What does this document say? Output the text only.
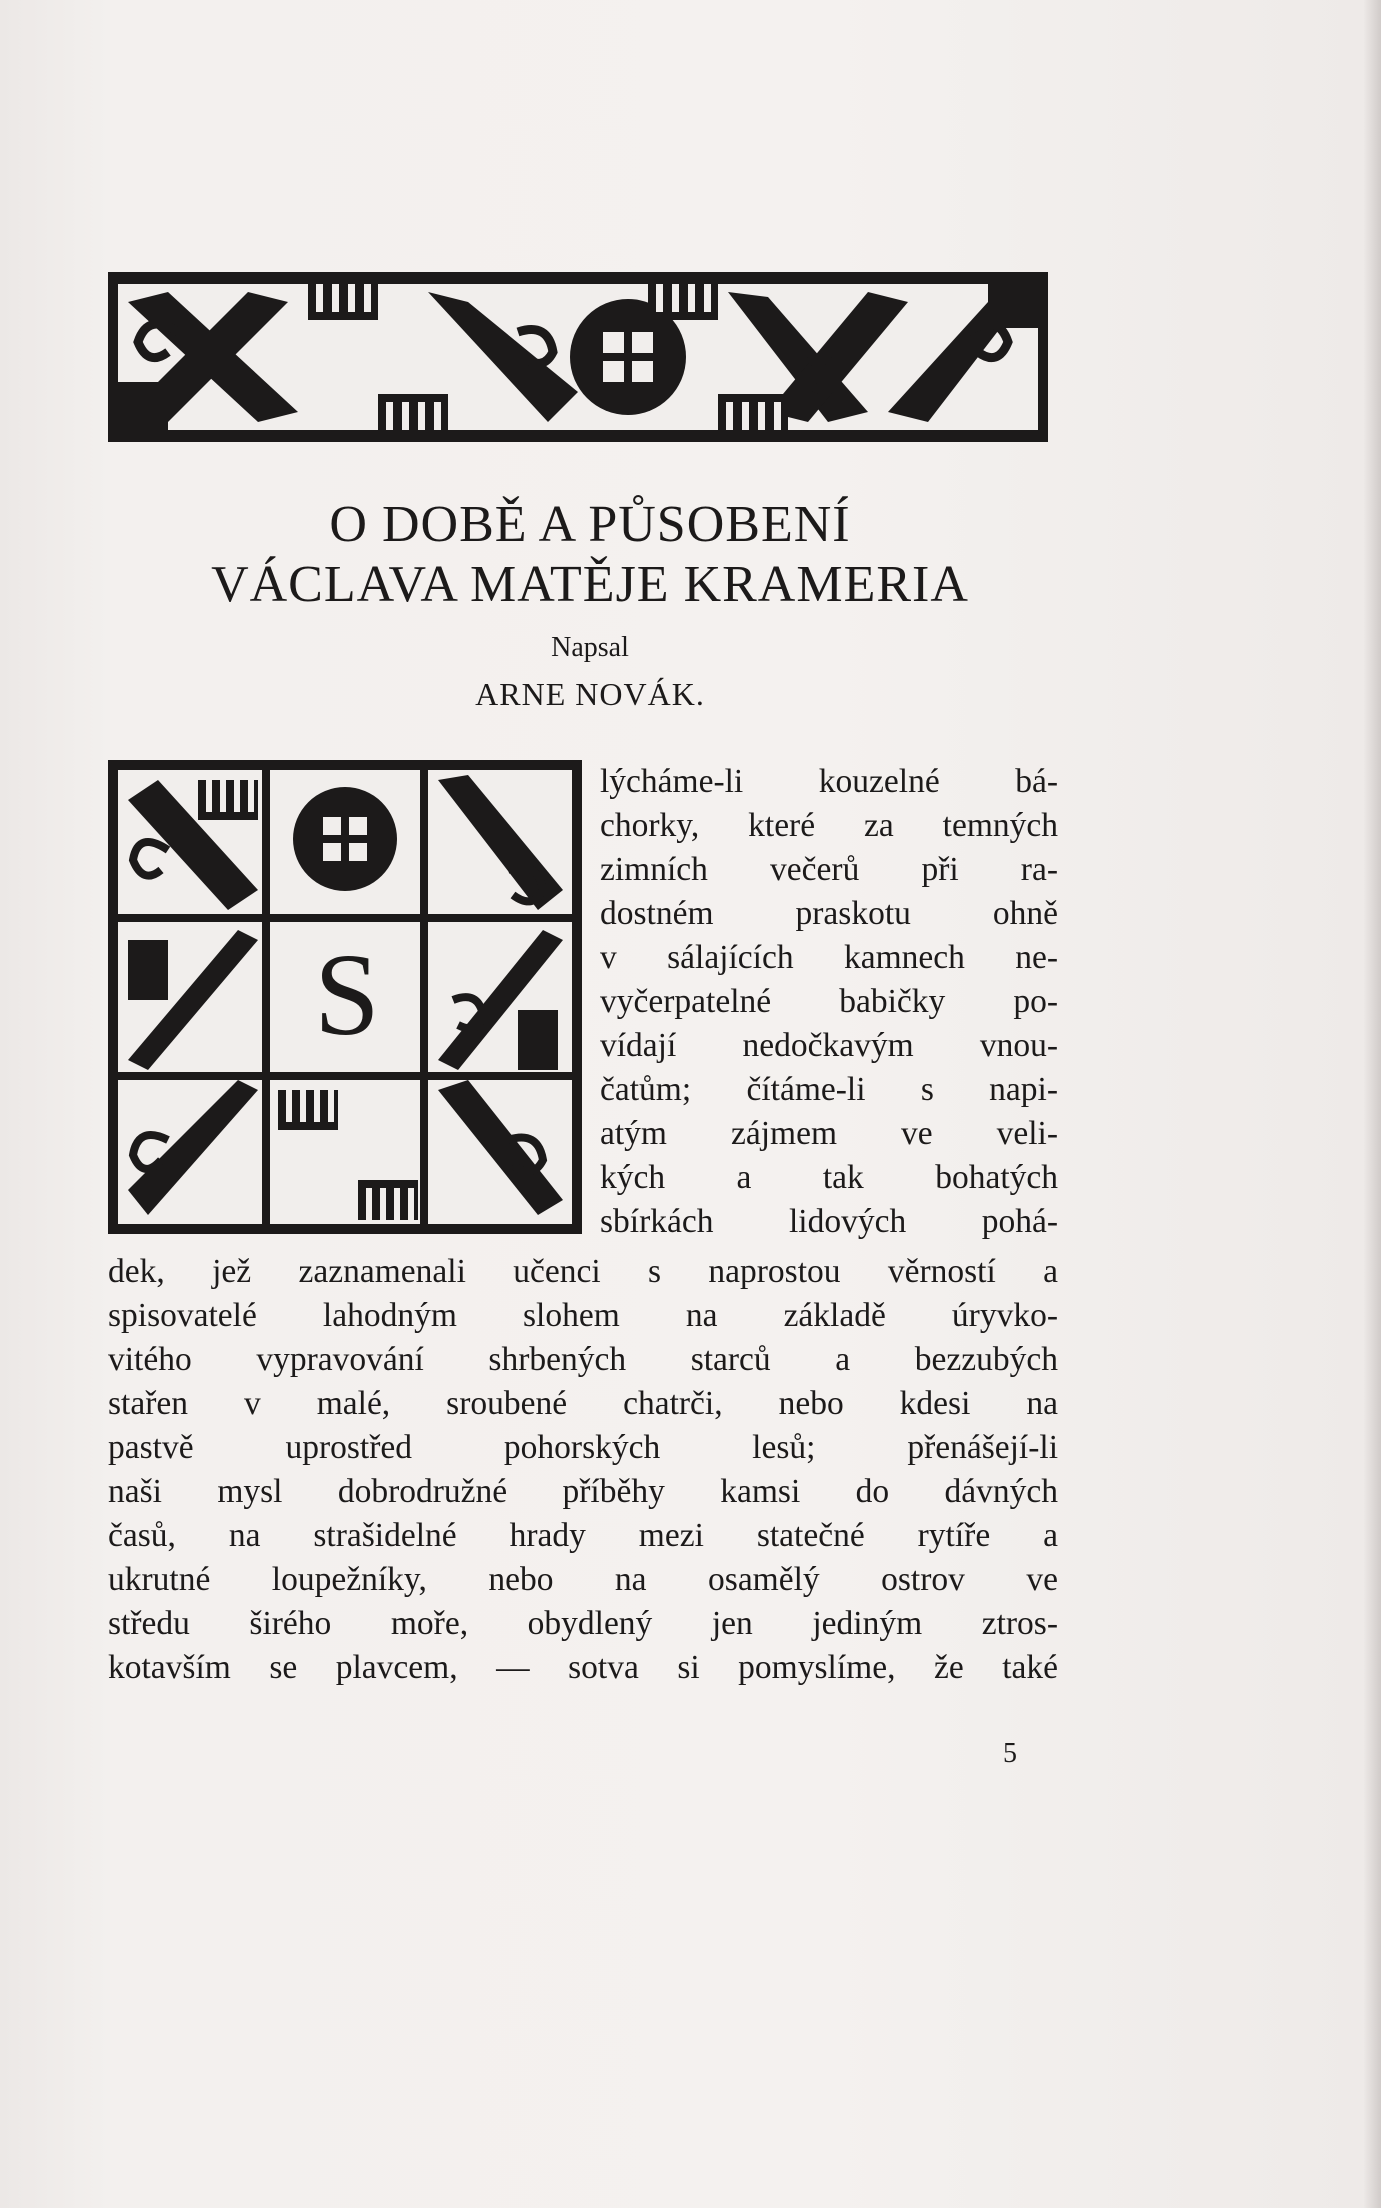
O DOBĚ A PŮSOBENÍ
VÁCLAVA MATĚJE KRAMERIA

Napsal

ARNE NOVÁK.

S
lýcháme-li kouzelné bá-
chorky, které za temných
zimních večerů při ra-
dostném praskotu ohně
v sálajících kamnech ne-
vyčerpatelné babičky po-
vídají nedočkavým vnou-
čatům; čítáme-li s napi-
atým zájmem ve veli-
kých a tak bohatých
sbírkách lidových pohá-
dek, jež zaznamenali učenci s naprostou věrností a
spisovatelé lahodným slohem na základě úryvko-
vitého vypravování shrbených starců a bezzubých
stařen v malé, sroubené chatrči, nebo kdesi na
pastvě uprostřed pohorských lesů; přenášejí-li
naši mysl dobrodružné příběhy kamsi do dávných
časů, na strašidelné hrady mezi statečné rytíře a
ukrutné loupežníky, nebo na osamělý ostrov ve
středu širého moře, obydlený jen jediným ztros-
kotavším se plavcem, — sotva si pomyslíme, že také
5
